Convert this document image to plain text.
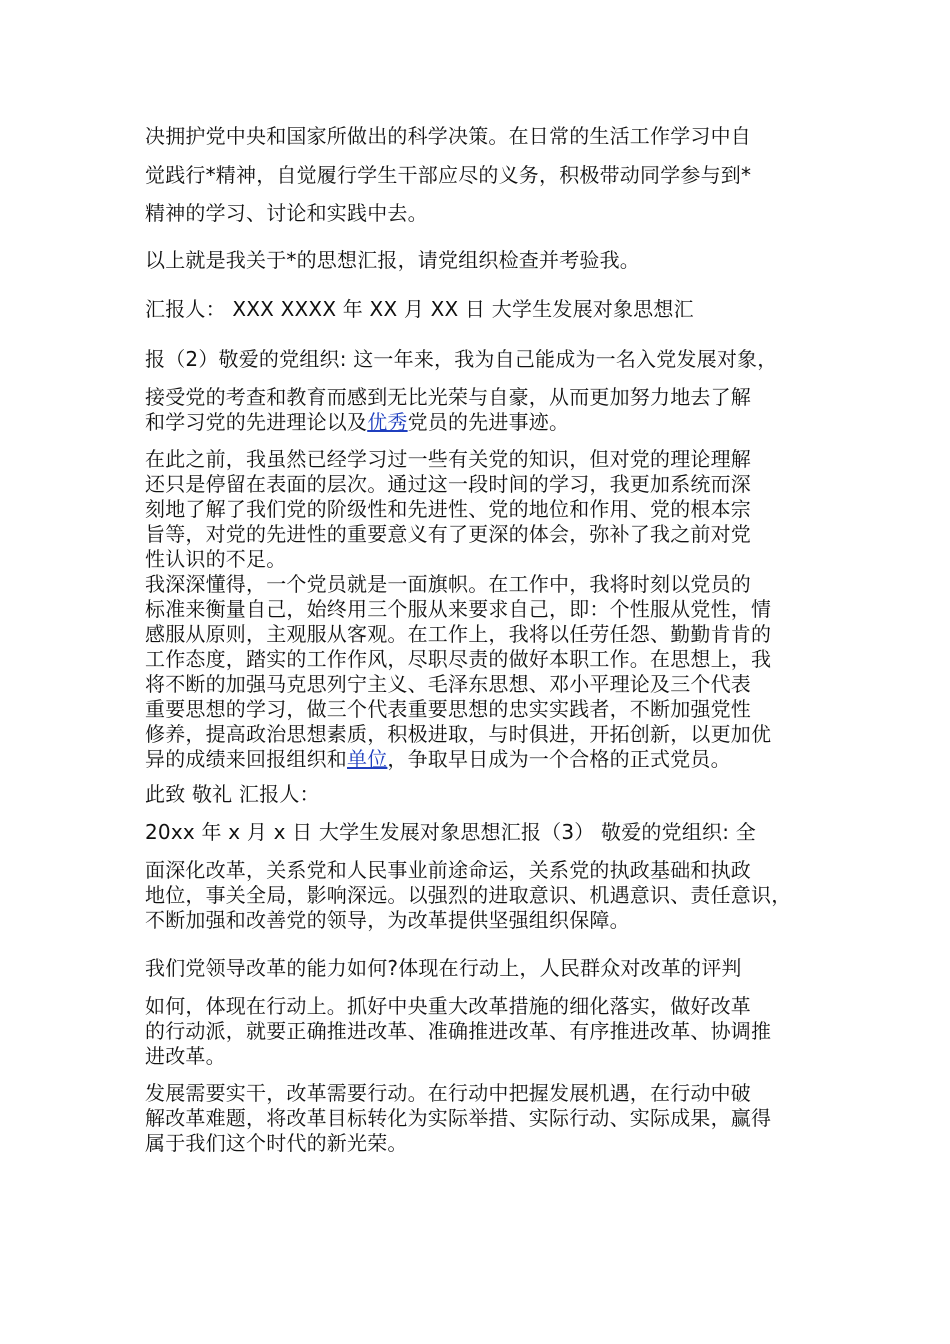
决拥护党中央和国家所做出的科学决策。在日常的生活工作学习中自
觉践行*精神，自觉履行学生干部应尽的义务，积极带动同学参与到*
精神的学习、讨论和实践中去。
以上就是我关于*的思想汇报，请党组织检查并考验我。
汇报人： XXX XXXX 年 XX 月 XX 日 大学生发展对象思想汇
报（2）敬爱的党组织: 这一年来，我为自己能成为一名入党发展对象，
接受党的考查和教育而感到无比光荣与自豪，从而更加努力地去了解
和学习党的先进理论以及优秀党员的先进事迹。
在此之前，我虽然已经学习过一些有关党的知识，但对党的理论理解
还只是停留在表面的层次。通过这一段时间的学习，我更加系统而深
刻地了解了我们党的阶级性和先进性、党的地位和作用、党的根本宗
旨等，对党的先进性的重要意义有了更深的体会，弥补了我之前对党
性认识的不足。
我深深懂得，一个党员就是一面旗帜。在工作中，我将时刻以党员的
标准来衡量自己，始终用三个服从来要求自己，即：个性服从党性，情
感服从原则，主观服从客观。在工作上，我将以任劳任怨、勤勤肯肯的
工作态度，踏实的工作作风，尽职尽责的做好本职工作。在思想上，我
将不断的加强马克思列宁主义、毛泽东思想、邓小平理论及三个代表
重要思想的学习，做三个代表重要思想的忠实实践者，不断加强党性
修养，提高政治思想素质，积极进取，与时俱进，开拓创新，以更加优
异的成绩来回报组织和单位，争取早日成为一个合格的正式党员。
此致 敬礼 汇报人：
20xx 年 x 月 x 日 大学生发展对象思想汇报（3） 敬爱的党组织: 全
面深化改革，关系党和人民事业前途命运，关系党的执政基础和执政
地位，事关全局，影响深远。以强烈的进取意识、机遇意识、责任意识，
不断加强和改善党的领导，为改革提供坚强组织保障。
我们党领导改革的能力如何?体现在行动上，人民群众对改革的评判
如何，体现在行动上。抓好中央重大改革措施的细化落实，做好改革
的行动派，就要正确推进改革、准确推进改革、有序推进改革、协调推
进改革。
发展需要实干，改革需要行动。在行动中把握发展机遇，在行动中破
解改革难题，将改革目标转化为实际举措、实际行动、实际成果，赢得
属于我们这个时代的新光荣。
